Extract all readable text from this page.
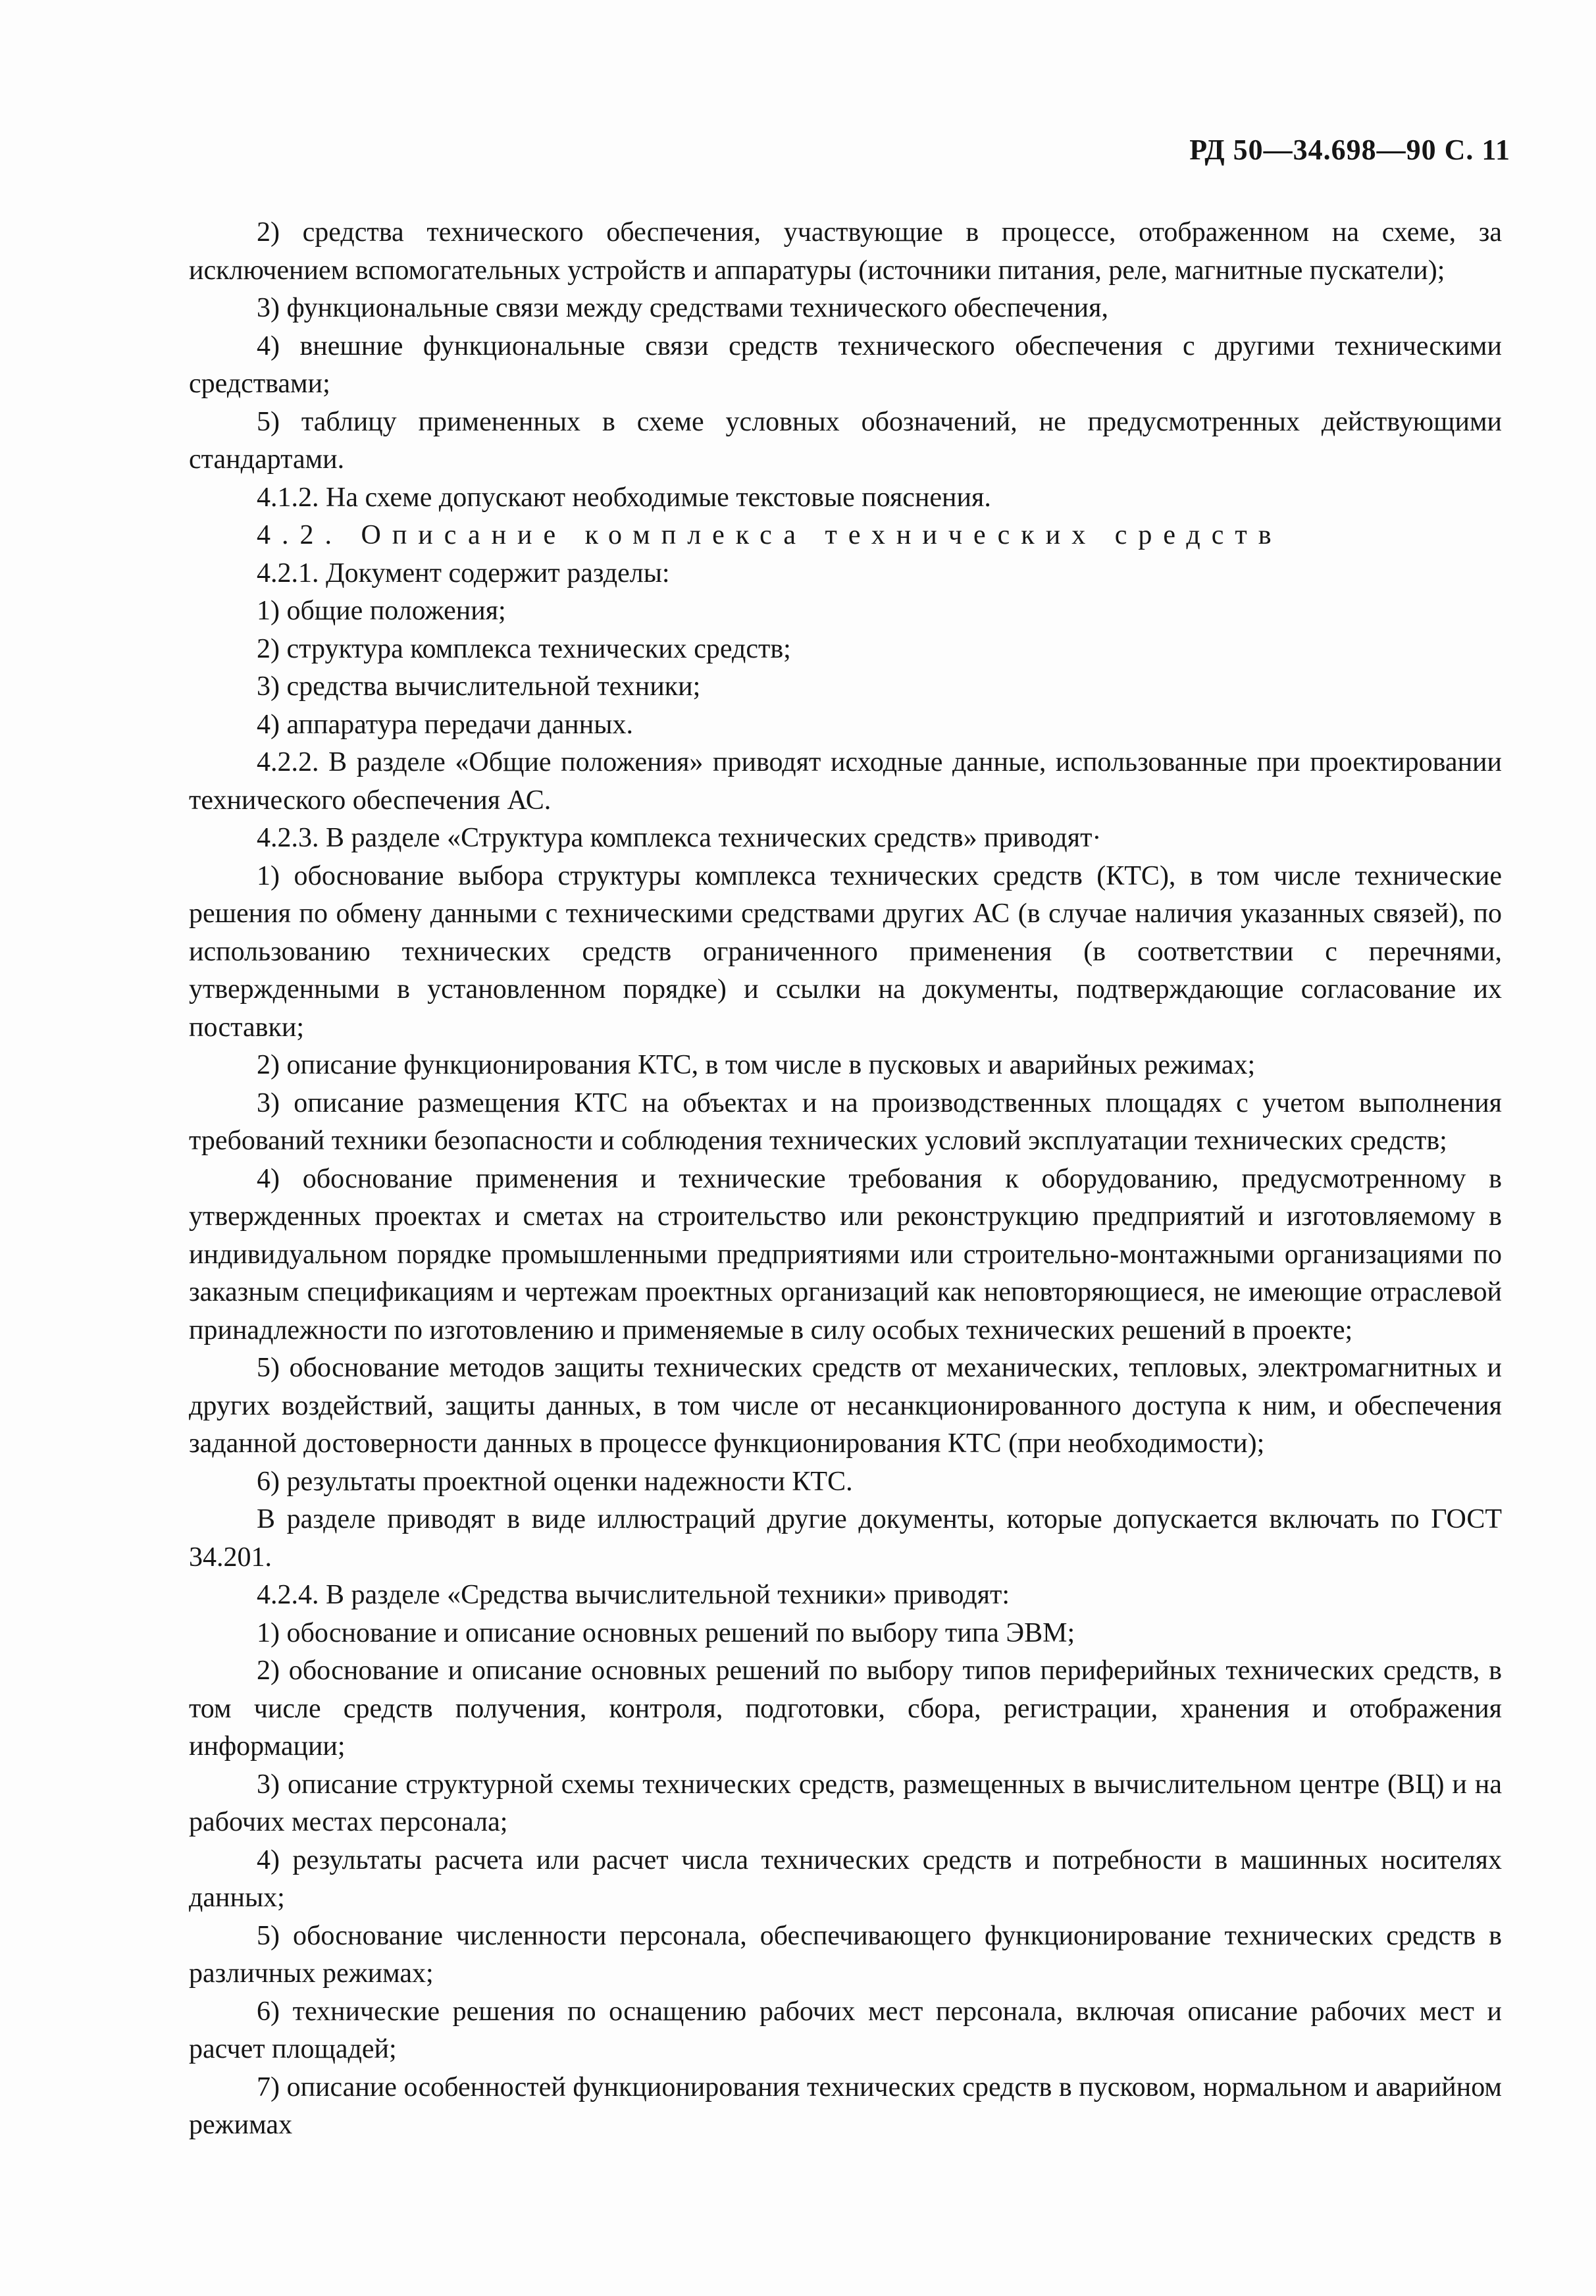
РД 50—34.698—90 С. 11

2) средства технического обеспечения, участвующие в процессе, отображенном на схеме, за исключением вспомогательных устройств и аппаратуры (источники питания, реле, магнитные пускатели);

3) функциональные связи между средствами технического обеспечения,

4) внешние функциональные связи средств технического обеспечения с другими техническими средствами;

5) таблицу примененных в схеме условных обозначений, не предусмотренных действующими стандартами.

4.1.2. На схеме допускают необходимые текстовые пояснения.

4.2. Описание комплекса технических средств

4.2.1. Документ содержит разделы:

1) общие положения;

2) структура комплекса технических средств;

3) средства вычислительной техники;

4) аппаратура передачи данных.

4.2.2. В разделе «Общие положения» приводят исходные данные, использованные при проектировании технического обеспечения АС.

4.2.3. В разделе «Структура комплекса технических средств» приводят·

1) обоснование выбора структуры комплекса технических средств (КТС), в том числе технические решения по обмену данными с техническими средствами других АС (в случае наличия указанных связей), по использованию технических средств ограниченного применения (в соответствии с перечнями, утвержденными в установленном порядке) и ссылки на документы, подтверждающие согласование их поставки;

2) описание функционирования КТС, в том числе в пусковых и аварийных режимах;

3) описание размещения КТС на объектах и на производственных площадях с учетом выполнения требований техники безопасности и соблюдения технических условий эксплуатации технических средств;

4) обоснование применения и технические требования к оборудованию, предусмотренному в утвержденных проектах и сметах на строительство или реконструкцию предприятий и изготовляемому в индивидуальном порядке промышленными предприятиями или строительно-монтажными организациями по заказным спецификациям и чертежам проектных организаций как неповторяющиеся, не имеющие отраслевой принадлежности по изготовлению и применяемые в силу особых технических решений в проекте;

5) обоснование методов защиты технических средств от механических, тепловых, электромагнитных и других воздействий, защиты данных, в том числе от несанкционированного доступа к ним, и обеспечения заданной достоверности данных в процессе функционирования КТС (при необходимости);

6) результаты проектной оценки надежности КТС.

В разделе приводят в виде иллюстраций другие документы, которые допускается включать по ГОСТ 34.201.

4.2.4. В разделе «Средства вычислительной техники» приводят:

1) обоснование и описание основных решений по выбору типа ЭВМ;

2) обоснование и описание основных решений по выбору типов периферийных технических средств, в том числе средств получения, контроля, подготовки, сбора, регистрации, хранения и отображения информации;

3) описание структурной схемы технических средств, размещенных в вычислительном центре (ВЦ) и на рабочих местах персонала;

4) результаты расчета или расчет числа технических средств и потребности в машинных носителях данных;

5) обоснование численности персонала, обеспечивающего функционирование технических средств в различных режимах;

6) технические решения по оснащению рабочих мест персонала, включая описание рабочих мест и расчет площадей;

7) описание особенностей функционирования технических средств в пусковом, нормальном и аварийном режимах
